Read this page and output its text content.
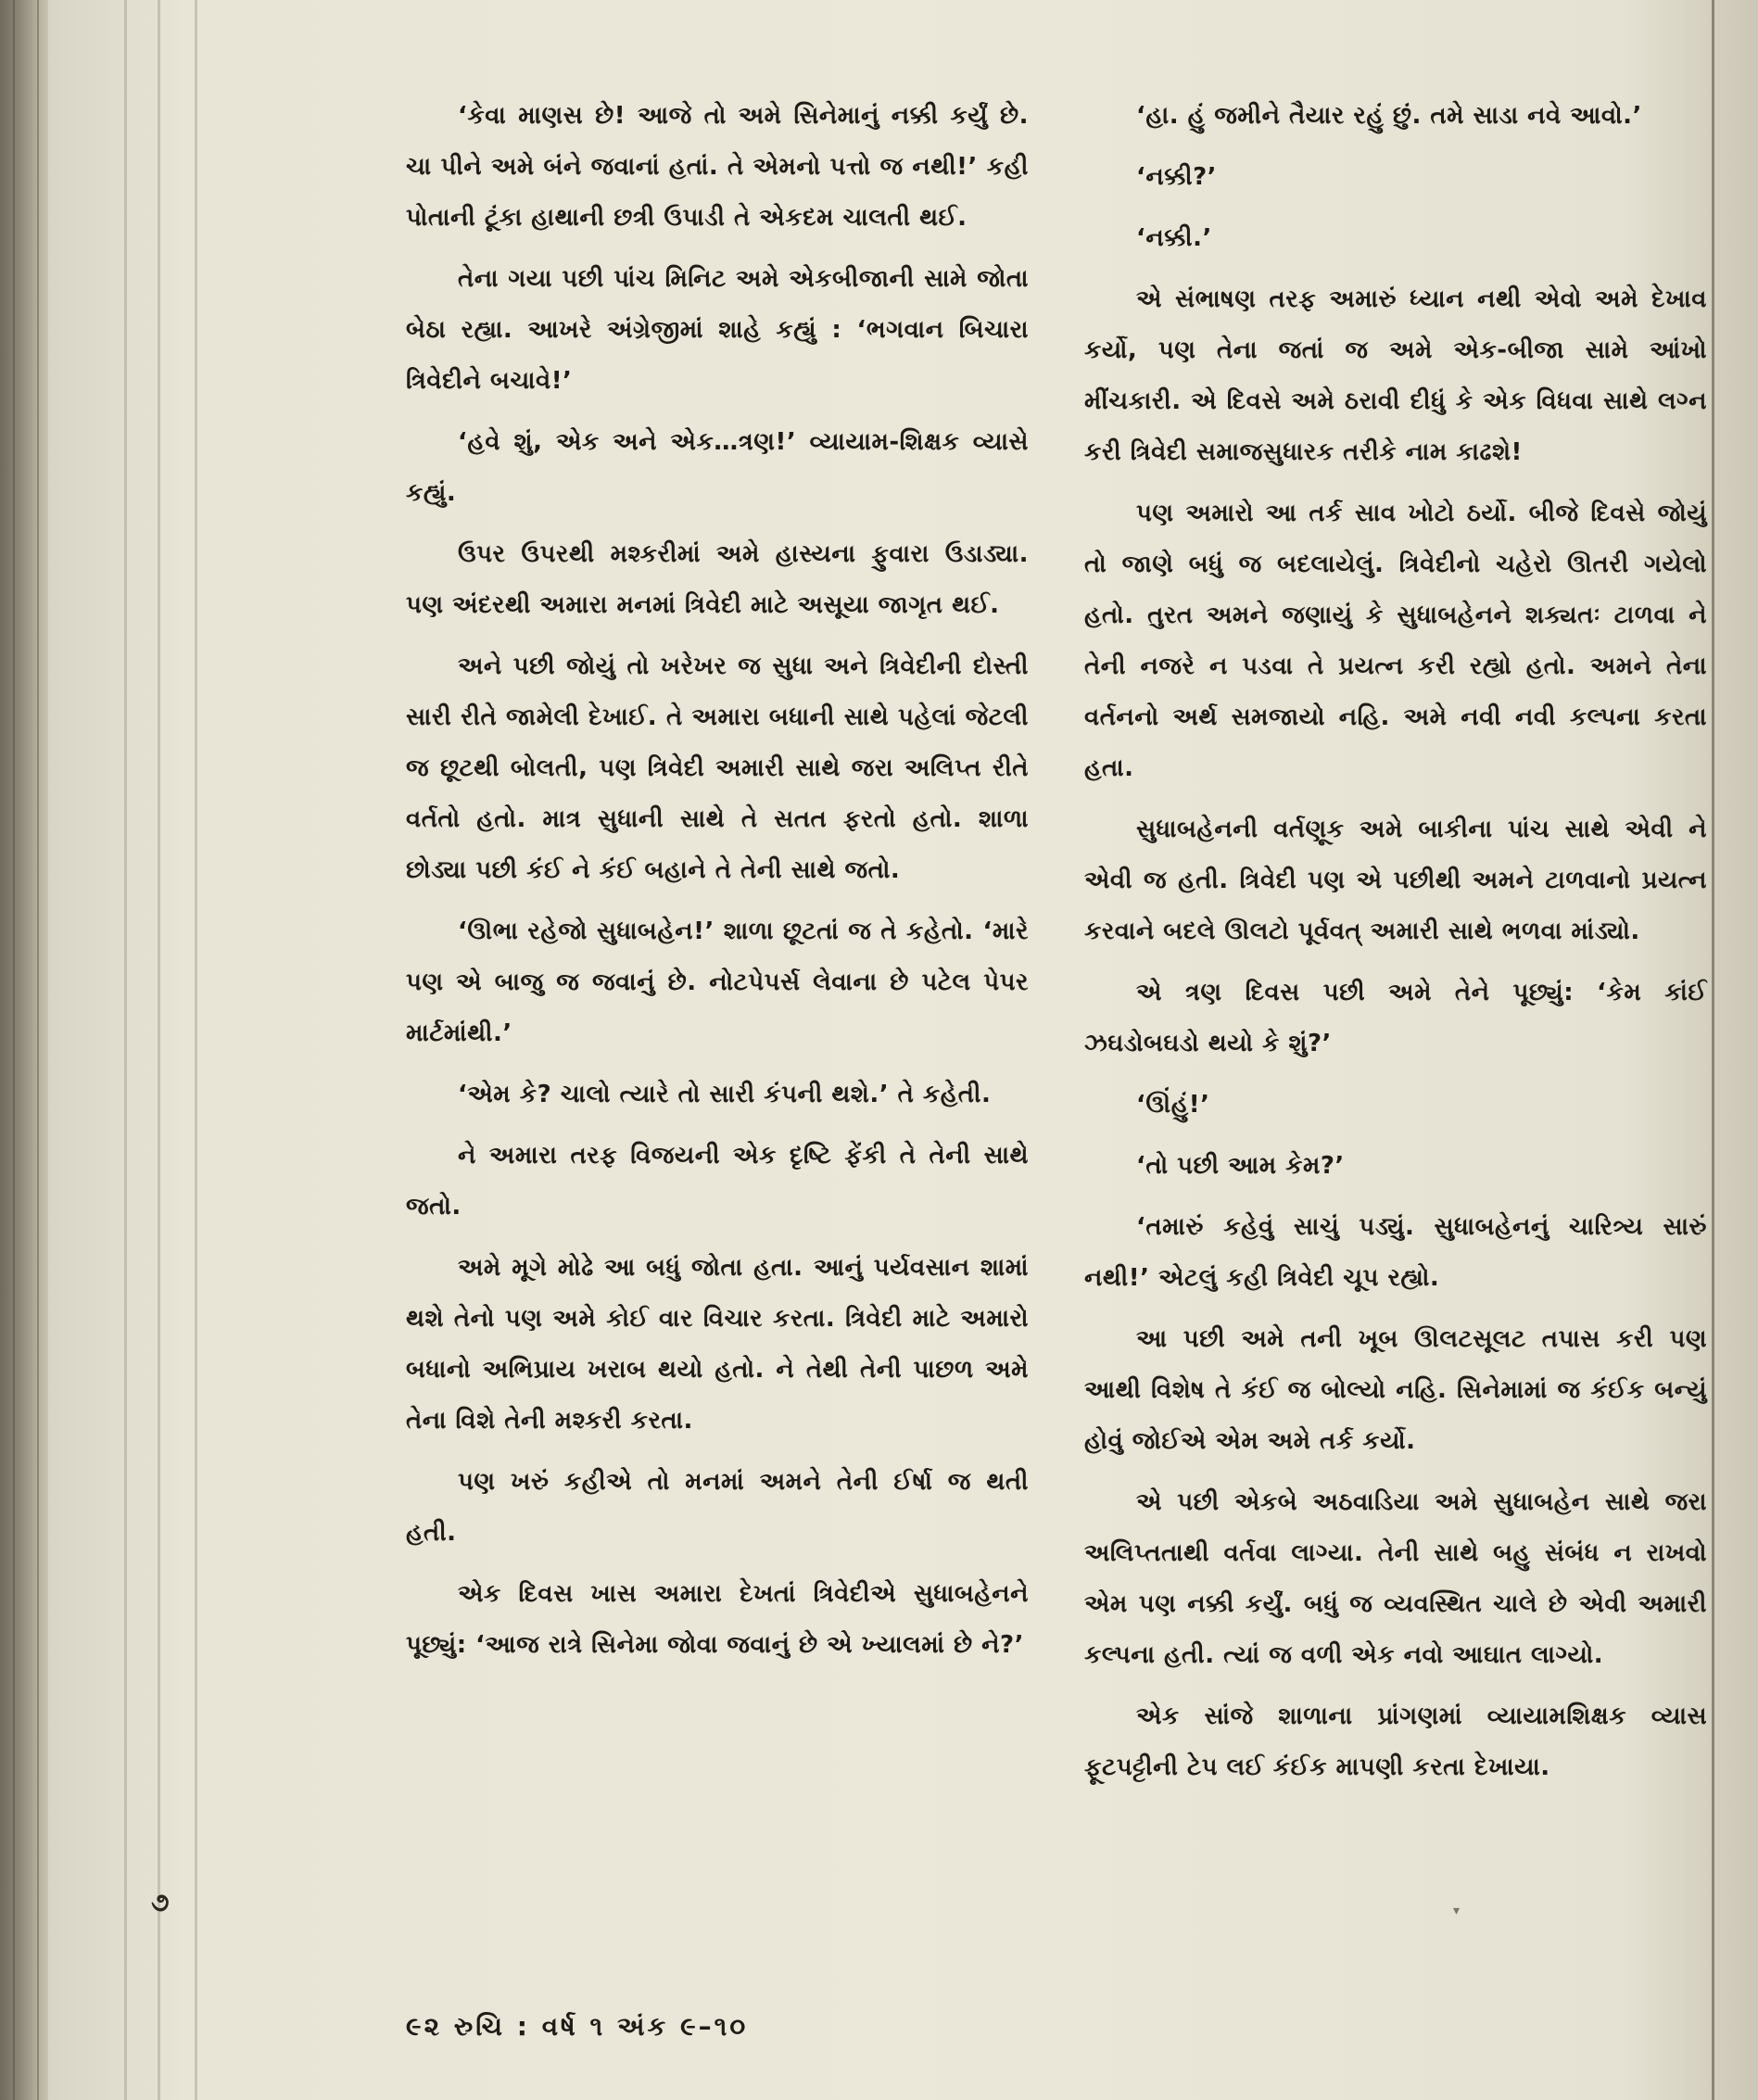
‘કેવા માણસ છે! આજે તો અમે સિનેમાનું નક્કી કર્યું છે. ચા પીને અમે બંને જવાનાં હતાં. તે એમનો પત્તો જ નથી!’ કહી પોતાની ટૂંકા હાથાની છત્રી ઉપાડી તે એકદમ ચાલતી થઈ.

તેના ગયા પછી પાંચ મિનિટ અમે એકબીજાની સામે જોતા બેઠા રહ્યા. આખરે અંગ્રેજીમાં શાહે કહ્યું : ‘ભગવાન બિચારા ત્રિવેદીને બચાવે!’

‘હવે શું, એક અને એક…ત્રણ!’ વ્યાયામ-શિક્ષક વ્યાસે કહ્યું.

ઉપર ઉપરથી મશ્કરીમાં અમે હાસ્યના ફુવારા ઉડાડ્યા. પણ અંદરથી અમારા મનમાં ત્રિવેદી માટે અસૂયા જાગૃત થઈ.

અને પછી જોયું તો ખરેખર જ સુધા અને ત્રિવેદીની દોસ્તી સારી રીતે જામેલી દેખાઈ. તે અમારા બધાની સાથે પહેલાં જેટલી જ છૂટથી બોલતી, પણ ત્રિવેદી અમારી સાથે જરા અલિપ્ત રીતે વર્તતો હતો. માત્ર સુધાની સાથે તે સતત ફરતો હતો. શાળા છોડ્યા પછી કંઈ ને કંઈ બહાને તે તેની સાથે જતો.

‘ઊભા રહેજો સુધાબહેન!’ શાળા છૂટતાં જ તે કહેતો. ‘મારે પણ એ બાજુ જ જવાનું છે. નોટપેપર્સ લેવાના છે પટેલ પેપર માર્ટમાંથી.’

‘એમ કે? ચાલો ત્યારે તો સારી કંપની થશે.’ તે કહેતી.

ને અમારા તરફ વિજયની એક દૃષ્ટિ ફેંકી તે તેની સાથે જતો.

અમે મૂગે મોઢે આ બધું જોતા હતા. આનું પર્યવસાન શામાં થશે તેનો પણ અમે કોઈ વાર વિચાર કરતા. ત્રિવેદી માટે અમારો બધાનો અભિપ્રાય ખરાબ થયો હતો. ને તેથી તેની પાછળ અમે તેના વિશે તેની મશ્કરી કરતા.

પણ ખરું કહીએ તો મનમાં અમને તેની ઈર્ષા જ થતી હતી.

એક દિવસ ખાસ અમારા દેખતાં ત્રિવેદીએ સુધાબહેનને પૂછ્યું: ‘આજ રાત્રે સિનેમા જોવા જવાનું છે એ ખ્યાલમાં છે ને?’

‘હા. હું જમીને તૈયાર રહું છું. તમે સાડા નવે આવો.’

‘નક્કી?’

‘નક્કી.’

એ સંભાષણ તરફ અમારું ધ્યાન નથી એવો અમે દેખાવ કર્યો, પણ તેના જતાં જ અમે એક-બીજા સામે આંખો મીંચકારી. એ દિવસે અમે ઠરાવી દીધું કે એક વિધવા સાથે લગ્ન કરી ત્રિવેદી સમાજસુધારક તરીકે નામ કાઢશે!

પણ અમારો આ તર્ક સાવ ખોટો ઠર્યો. બીજે દિવસે જોયું તો જાણે બધું જ બદલાયેલું. ત્રિવેદીનો ચહેરો ઊતરી ગયેલો હતો. તુરત અમને જણાયું કે સુધાબહેનને શક્યતઃ ટાળવા ને તેની નજરે ન પડવા તે પ્રયત્ન કરી રહ્યો હતો. અમને તેના વર્તનનો અર્થ સમજાયો નહિ. અમે નવી નવી કલ્પના કરતા હતા.

સુધાબહેનની વર્તણૂક અમે બાકીના પાંચ સાથે એવી ને એવી જ હતી. ત્રિવેદી પણ એ પછીથી અમને ટાળવાનો પ્રયત્ન કરવાને બદલે ઊલટો પૂર્વવત્ અમારી સાથે ભળવા માંડ્યો.

એ ત્રણ દિવસ પછી અમે તેને પૂછ્યું: ‘કેમ કાંઈ ઝઘડોબઘડો થયો કે શું?’

‘ઊંહું!’

‘તો પછી આમ કેમ?’

‘તમારું કહેવું સાચું પડ્યું. સુધાબહેનનું ચારિત્ર્ય સારું નથી!’ એટલું કહી ત્રિવેદી ચૂપ રહ્યો.

આ પછી અમે તની ખૂબ ઊલટસૂલટ તપાસ કરી પણ આથી વિશેષ તે કંઈ જ બોલ્યો નહિ. સિનેમામાં જ કંઈક બન્યું હોવું જોઈએ એમ અમે તર્ક કર્યો.

એ પછી એકબે અઠવાડિયા અમે સુધાબહેન સાથે જરા અલિપ્તતાથી વર્તવા લાગ્યા. તેની સાથે બહુ સંબંધ ન રાખવો એમ પણ નક્કી કર્યું. બધું જ વ્યવસ્થિત ચાલે છે એવી અમારી કલ્પના હતી. ત્યાં જ વળી એક નવો આઘાત લાગ્યો.

એક સાંજે શાળાના પ્રાંગણમાં વ્યાયામશિક્ષક વ્યાસ ફૂટપટ્ટીની ટેપ લઈ કંઈક માપણી કરતા દેખાયા.

૭
૯૨ રુચિ : વર્ષ ૧ અંક ૯–૧૦
▾
